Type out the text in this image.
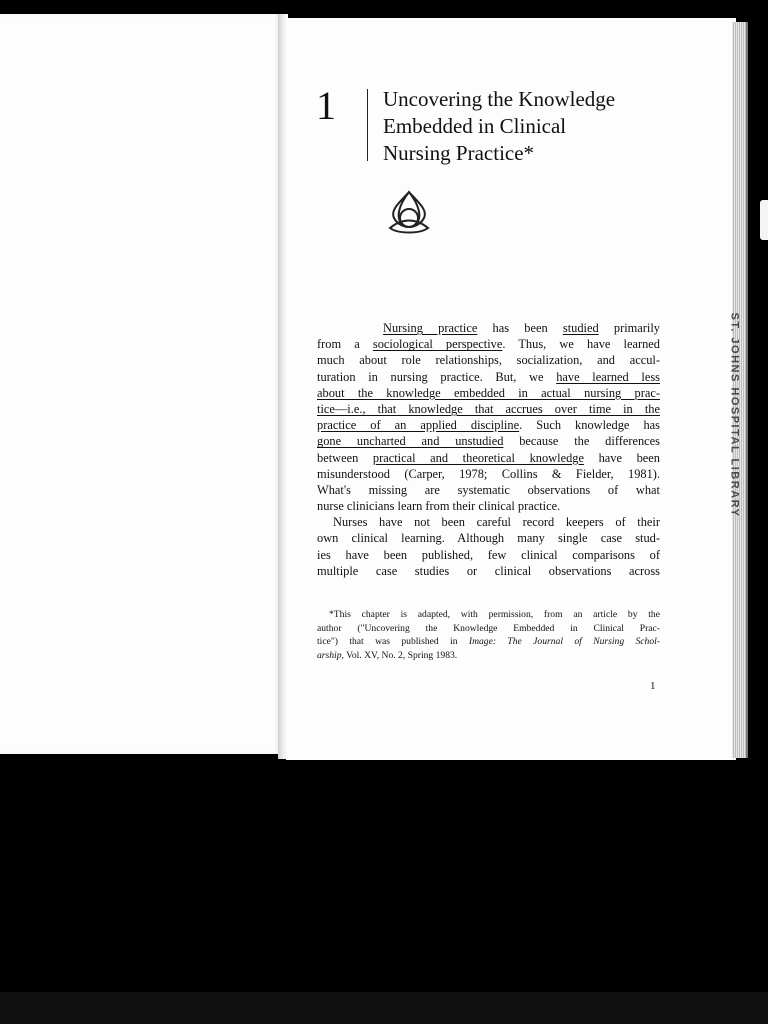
ST. JOHNS HOSPITAL LIBRARY
1 Uncovering the Knowledge
Embedded in Clinical
Nursing Practice*
Nursing practice has been studied primarily
from a sociological perspective. Thus, we have learned
much about role relationships, socialization, and accul-
turation in nursing practice. But, we have learned less
about the knowledge embedded in actual nursing prac-
tice—i.e., that knowledge that accrues over time in the
practice of an applied discipline. Such knowledge has
gone uncharted and unstudied because the differences
between practical and theoretical knowledge have been
misunderstood (Carper, 1978; Collins & Fielder, 1981).
What's missing are systematic observations of what
nurse clinicians learn from their clinical practice.
Nurses have not been careful record keepers of their
own clinical learning. Although many single case stud-
ies have been published, few clinical comparisons of
multiple case studies or clinical observations across
*This chapter is adapted, with permission, from an article by the
author ("Uncovering the Knowledge Embedded in Clinical Prac-
tice") that was published in Image: The Journal of Nursing Schol-
arship, Vol. XV, No. 2, Spring 1983.
1
